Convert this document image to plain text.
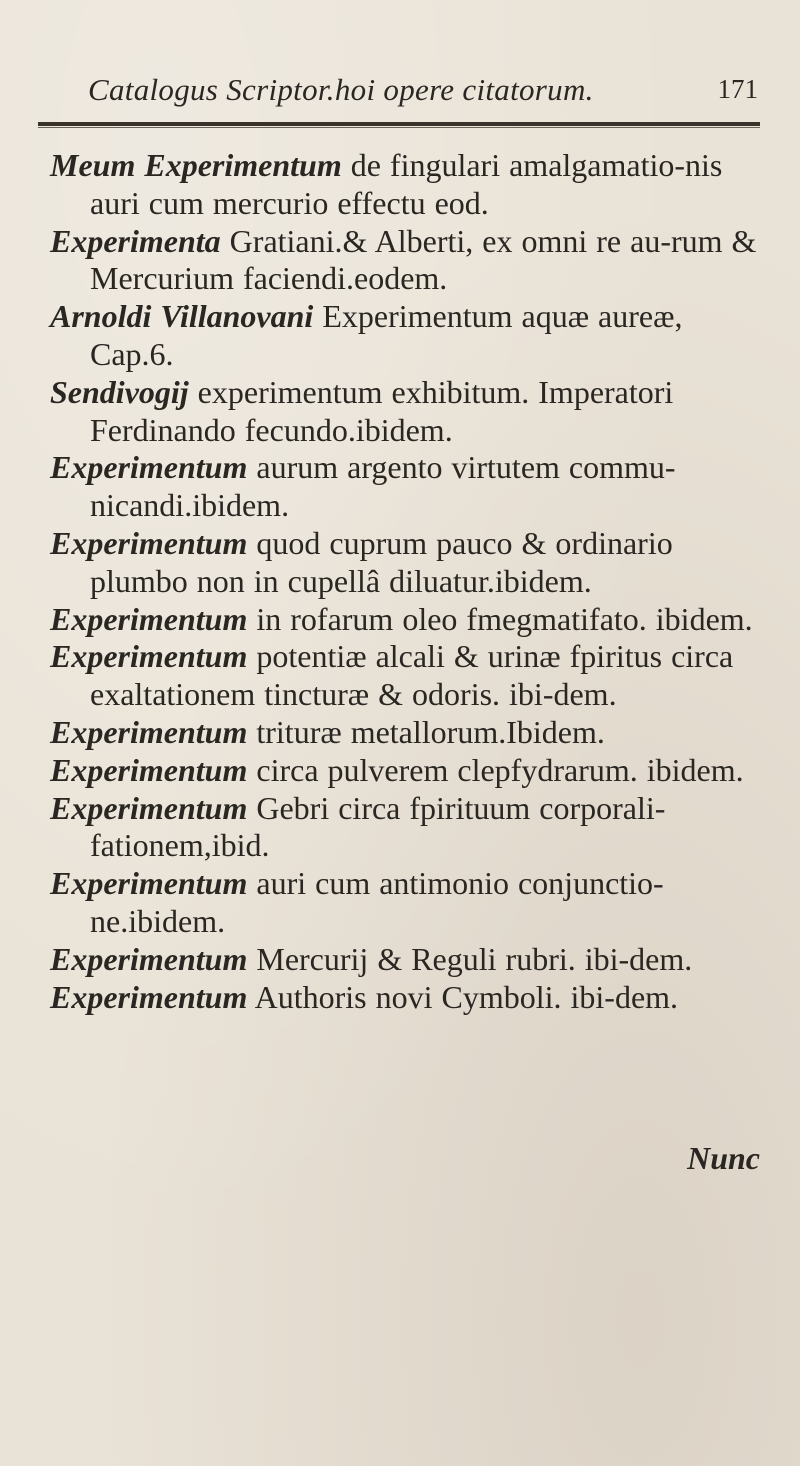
Catalogus Scriptor.hoi opere citatorum.	171

Meum Experimentum de fingulari amalgamatio-nis auri cum mercurio effectu eod.

Experimenta Gratiani.& Alberti, ex omni re au-rum & Mercurium faciendi.eodem.

Arnoldi Villanovani Experimentum aquæ aureæ, Cap.6.

Sendivogij experimentum exhibitum. Imperatori Ferdinando fecundo.ibidem.

Experimentum aurum argento virtutem commu-nicandi.ibidem.

Experimentum quod cuprum pauco & ordinario plumbo non in cupellâ diluatur.ibidem.

Experimentum in rofarum oleo fmegmatifato. ibidem.

Experimentum potentiæ alcali & urinæ fpiritus circa exaltationem tincturæ & odoris. ibi-dem.

Experimentum trituræ metallorum.Ibidem.

Experimentum circa pulverem clepfydrarum. ibidem.

Experimentum Gebri circa fpirituum corporali-fationem,ibid.

Experimentum auri cum antimonio conjunctio-ne.ibidem.

Experimentum Mercurij & Reguli rubri. ibi-dem.

Experimentum Authoris novi Cymboli. ibi-dem.

Nunc
